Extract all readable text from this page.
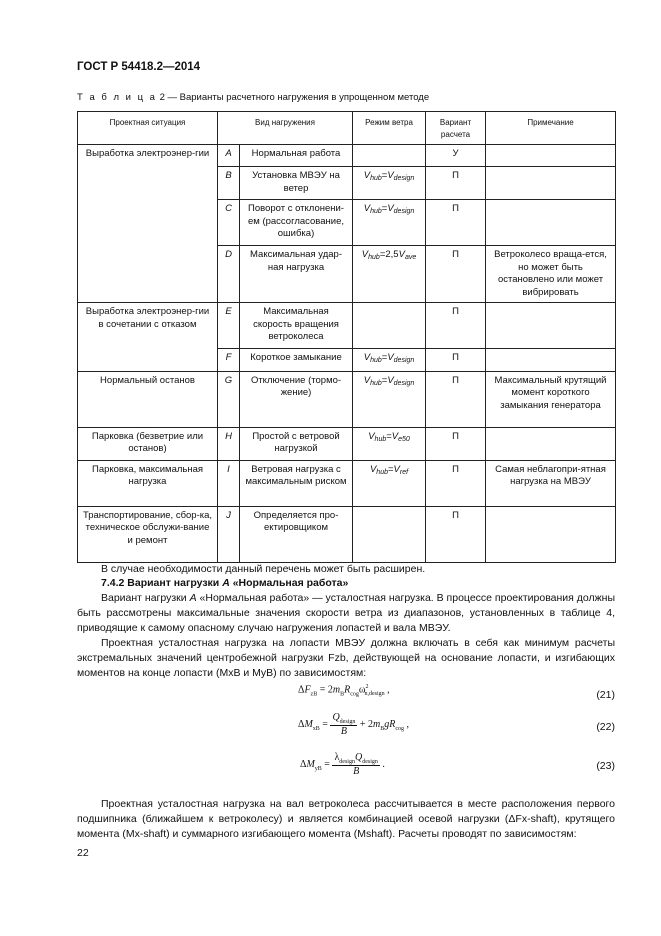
ГОСТ Р 54418.2—2014
Т а б л и ц а 2 — Варианты расчетного нагружения в упрощенном методе
Проектная ситуация	Вид нагружения		Режим ветра	Вариант расчета	Примечание
Выработка электроэнер-гии	A	Нормальная работа		У	
	B	Установка МВЭУ на ветер	$V_{hub}=V_{design}$	П	
	C	Поворот с отклонени-ем (рассогласование, ошибка)	$V_{hub}=V_{design}$	П	
	D	Максимальная удар-ная нагрузка	$V_{hub}=2,5V_{ave}$	П	Ветроколесо враща-ется, но может быть остановлено или может вибрировать
Выработка электроэнер-гии в сочетании с отказом	E	Максимальная скорость вращения ветроколеса		П	
	F	Короткое замыкание	$V_{hub}=V_{design}$	П	
Нормальный останов	G	Отключение (тормо-жение)	$V_{hub}=V_{design}$	П	Максимальный крутящий момент короткого замыкания генератора
Парковка (безветрие или останов)	H	Простой с ветровой нагрузкой	$V_{hub}=V_{e50}$	П	
Парковка, максимальная нагрузка	I	Ветровая нагрузка с максимальным риском	$V_{hub}=V_{ref}$	П	Самая неблагопри-ятная нагрузка на МВЭУ
Транспортирование, сбор-ка, техническое обслужи-вание и ремонт	J	Определяется про-ектировщиком		П	
В случае необходимости данный перечень может быть расширен.
7.4.2 Вариант нагрузки A «Нормальная работа»
Вариант нагрузки A «Нормальная работа» — усталостная нагрузка. В процессе проектирования должны быть рассмотрены максимальные значения скорости ветра из диапазонов, установленных в таблице 4, приводящие к самому опасному случаю нагружения лопастей и вала МВЭУ.
Проектная усталостная нагрузка на лопасти МВЭУ должна включать в себя как минимум расчеты экстремальных значений центробежной нагрузки Fzb, действующей на основание лопасти, и изгибающих моментов на конце лопасти (MxB и MyB) по зависимостям:
$\Delta F_{zB} = 2m_BR_{cog}\omega^2_{n,design}$ ,	(21)
$\Delta M_{xB} = \frac{Q_{design}}{B} + 2m_BgR_{cog}$ ,	(22)
$\Delta M_{yB} = \frac{\lambda_{design}Q_{design}}{B}$ .	(23)
Проектная усталостная нагрузка на вал ветроколеса рассчитывается в месте расположения первого подшипника (ближайшем к ветроколесу) и является комбинацией осевой нагрузки (ΔFx-shaft), крутящего момента (Mx-shaft) и суммарного изгибающего момента (Mshaft). Расчеты проводят по зависимостям:
22
